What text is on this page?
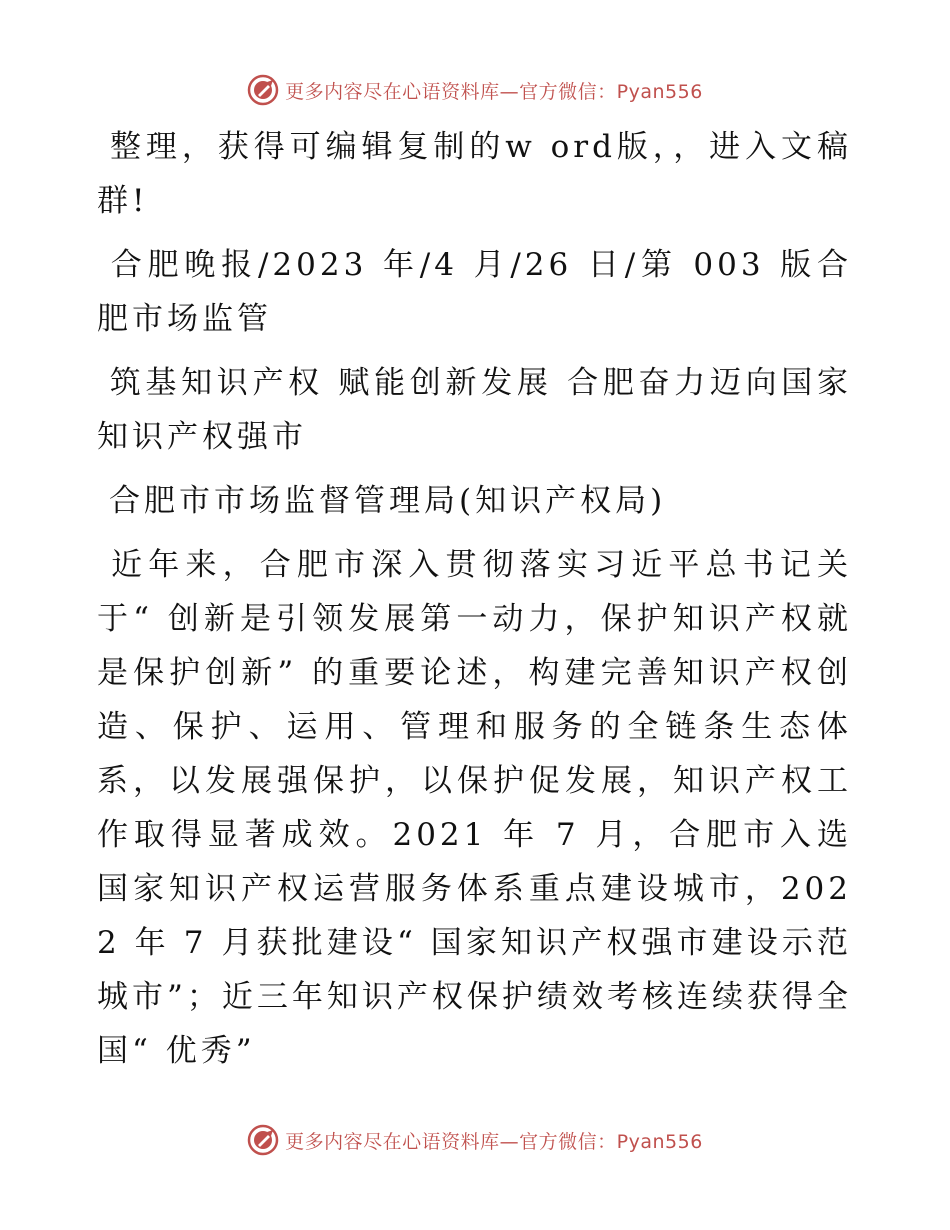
更多内容尽在心语资料库—官方微信：Pyan556

整理，获得可编辑复制的w ord版，，进入文稿群!

合肥晚报/2023 年/4 月/26 日/第 003 版合肥市场监管

筑基知识产权 赋能创新发展 合肥奋力迈向国家知识产权强市

合肥市市场监督管理局(知识产权局)

近年来，合肥市深入贯彻落实习近平总书记关于“ 创新是引领发展第一动力，保护知识产权就是保护创新” 的重要论述，构建完善知识产权创造、保护、运用、管理和服务的全链条生态体系，以发展强保护，以保护促发展，知识产权工作取得显著成效。2021 年 7 月，合肥市入选国家知识产权运营服务体系重点建设城市，2022 年 7 月获批建设“ 国家知识产权强市建设示范城市”；近三年知识产权保护绩效考核连续获得全国“ 优秀”

更多内容尽在心语资料库—官方微信：Pyan556
